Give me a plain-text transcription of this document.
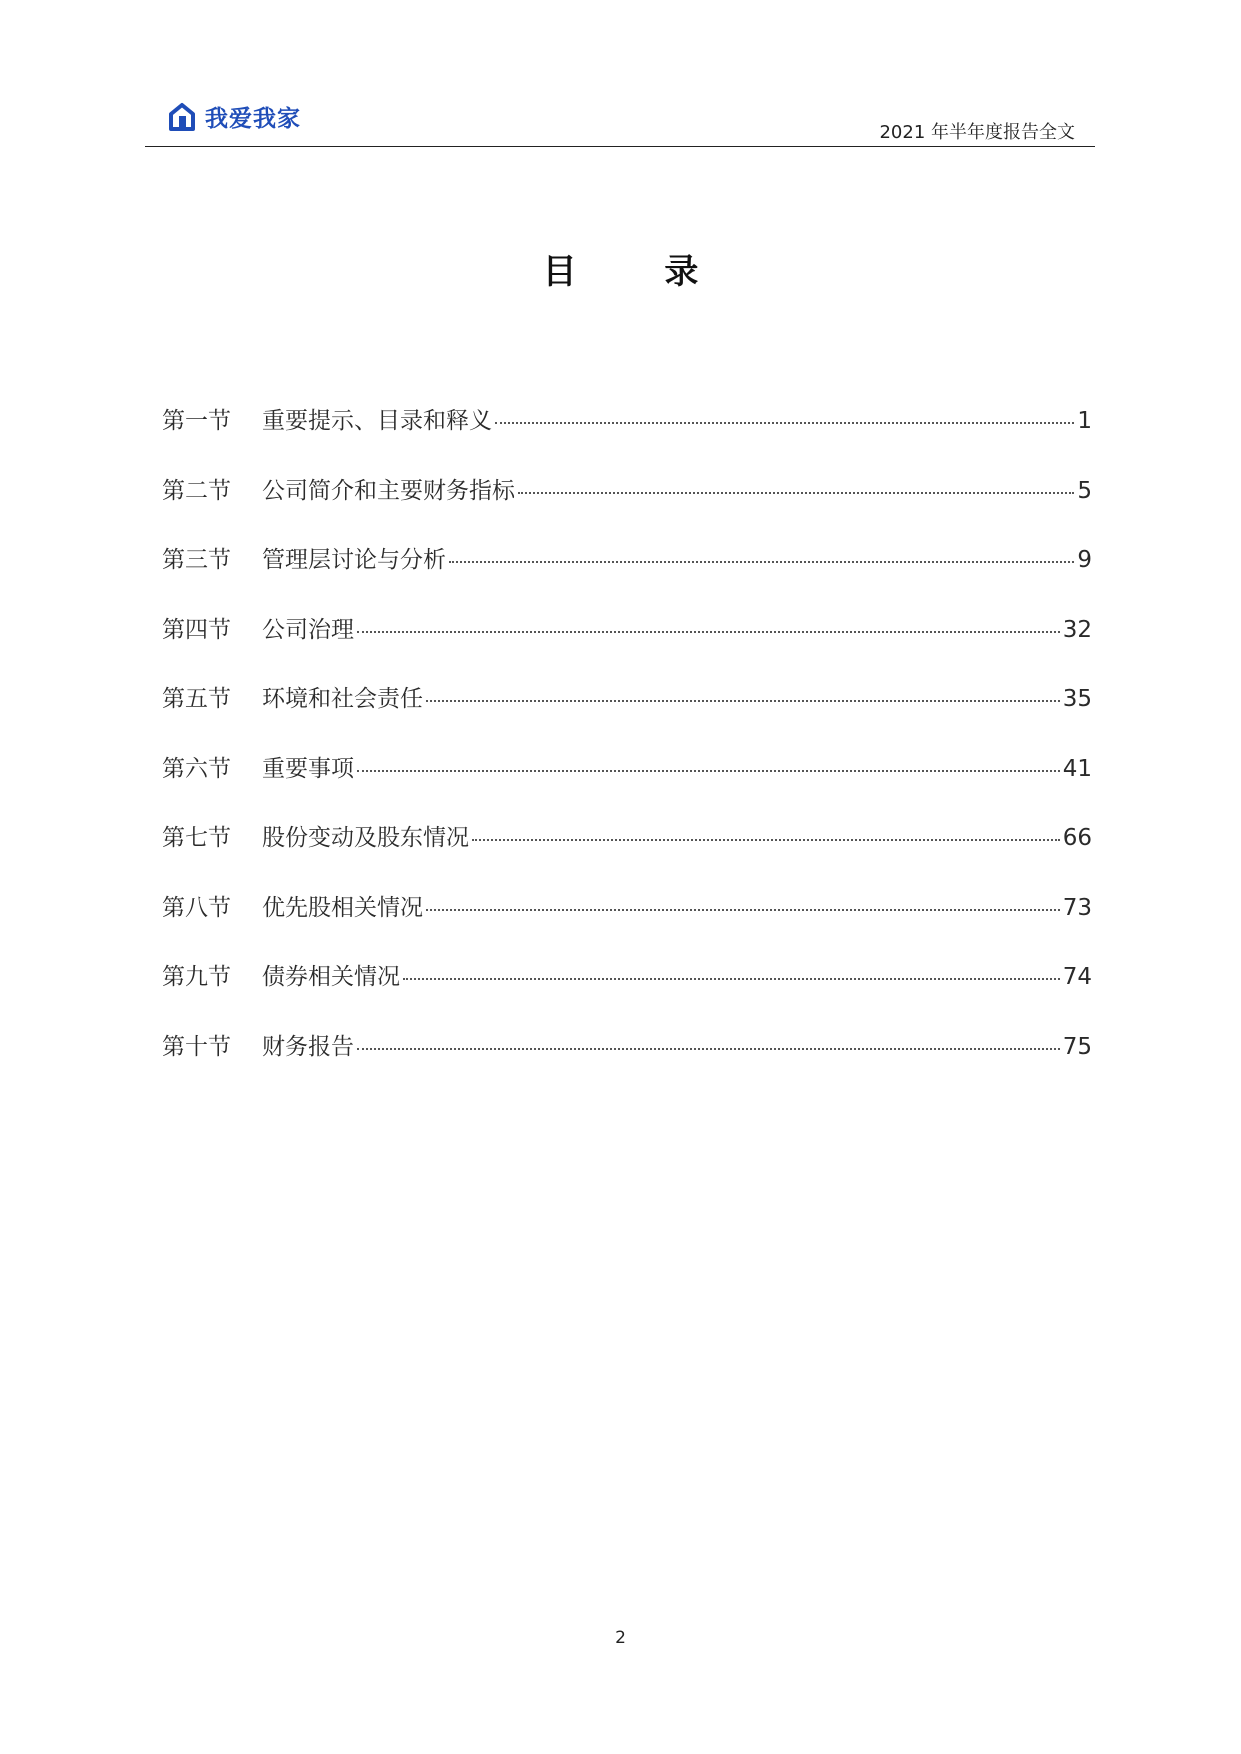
我爱我家
2021 年半年度报告全文
目 录
第一节	重要提示、目录和释义	1
第二节	公司简介和主要财务指标	5
第三节	管理层讨论与分析	9
第四节	公司治理	32
第五节	环境和社会责任	35
第六节	重要事项	41
第七节	股份变动及股东情况	66
第八节	优先股相关情况	73
第九节	债券相关情况	74
第十节	财务报告	75
2
